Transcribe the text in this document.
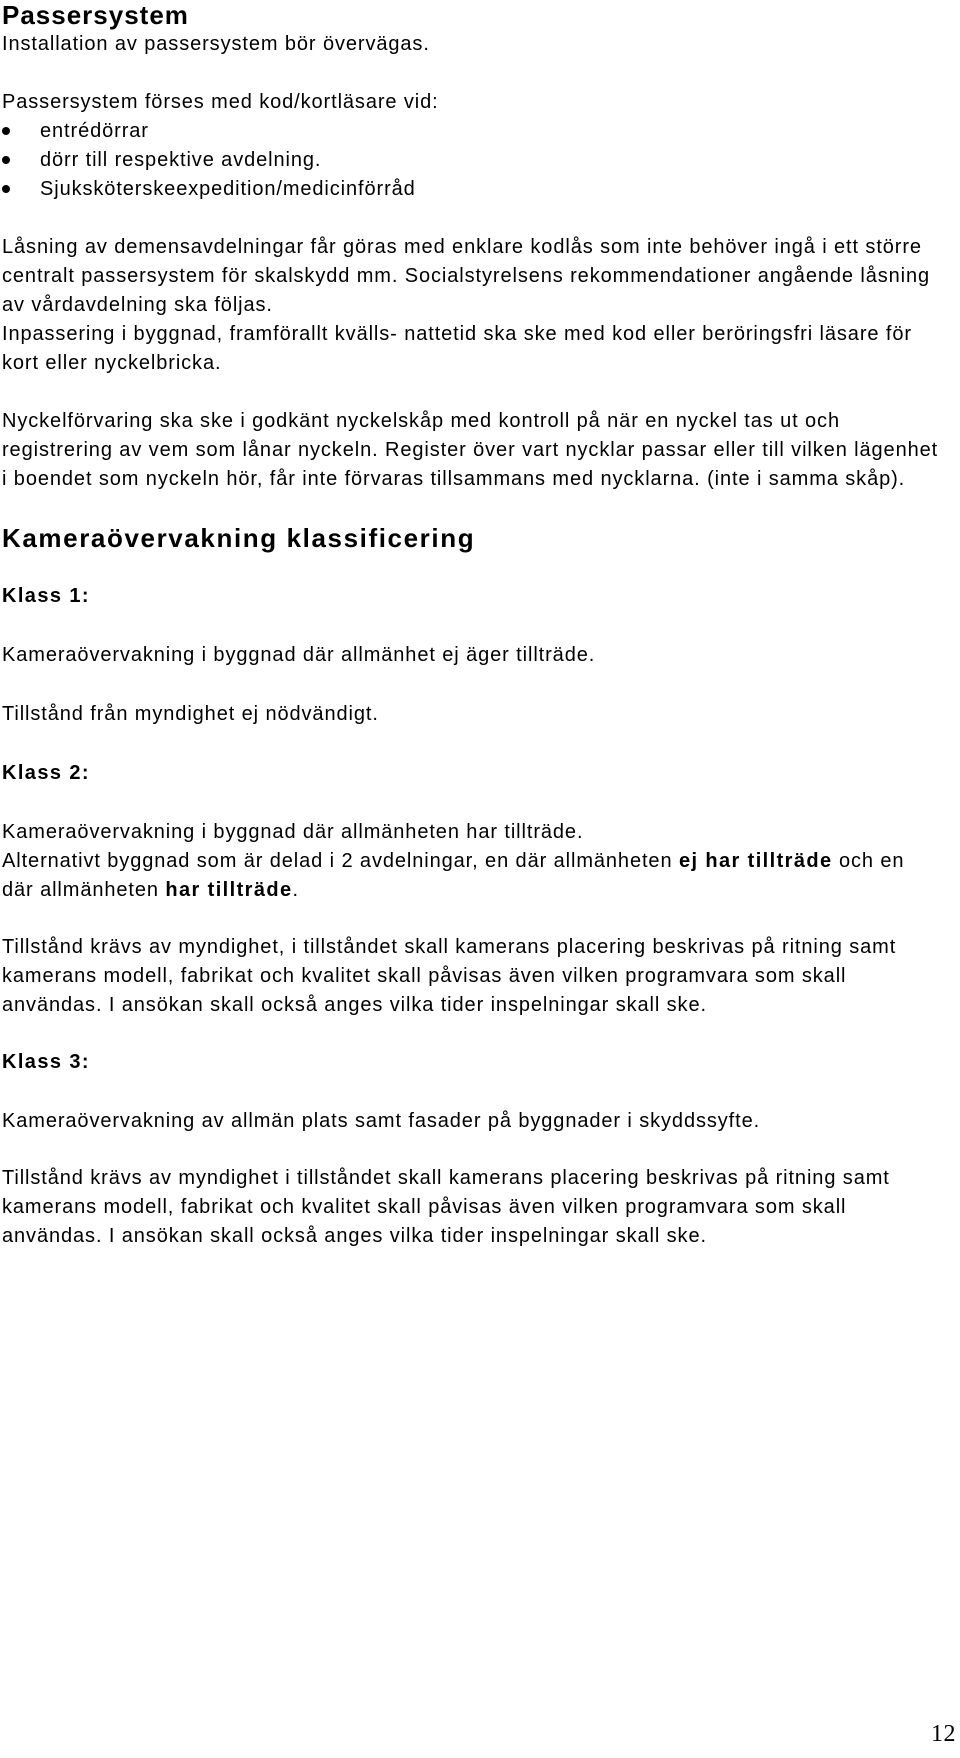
Passersystem

Installation av passersystem bör övervägas.

Passersystem förses med kod/kortläsare vid:

entrédörrar
dörr till respektive avdelning.
Sjuksköterskeexpedition/medicinförråd

Låsning av demensavdelningar får göras med enklare kodlås som inte behöver ingå i ett större centralt passersystem för skalskydd mm. Socialstyrelsens rekommendationer angående låsning av vårdavdelning ska följas.

Inpassering i byggnad, framförallt kvälls- nattetid ska ske med kod eller beröringsfri läsare för kort eller nyckelbricka.

Nyckelförvaring ska ske i godkänt nyckelskåp med kontroll på när en nyckel tas ut och registrering av vem som lånar nyckeln. Register över vart nycklar passar eller till vilken lägenhet i boendet som nyckeln hör, får inte förvaras tillsammans med nycklarna. (inte i samma skåp).

Kameraövervakning klassificering
Klass 1:

Kameraövervakning i byggnad där allmänhet ej äger tillträde.

Tillstånd från myndighet ej nödvändigt.

Klass 2:

Kameraövervakning i byggnad där allmänheten har tillträde.

Alternativt byggnad som är delad i 2 avdelningar, en där allmänheten ej har tillträde och en där allmänheten har tillträde.

Tillstånd krävs av myndighet, i tillståndet skall kamerans placering beskrivas på ritning samt kamerans modell, fabrikat och kvalitet skall påvisas även vilken programvara som skall användas. I ansökan skall också anges vilka tider inspelningar skall ske.

Klass 3:

Kameraövervakning av allmän plats samt fasader på byggnader i skyddssyfte.

Tillstånd krävs av myndighet i tillståndet skall kamerans placering beskrivas på ritning samt kamerans modell, fabrikat och kvalitet skall påvisas även vilken programvara som skall användas. I ansökan skall också anges vilka tider inspelningar skall ske.

12
